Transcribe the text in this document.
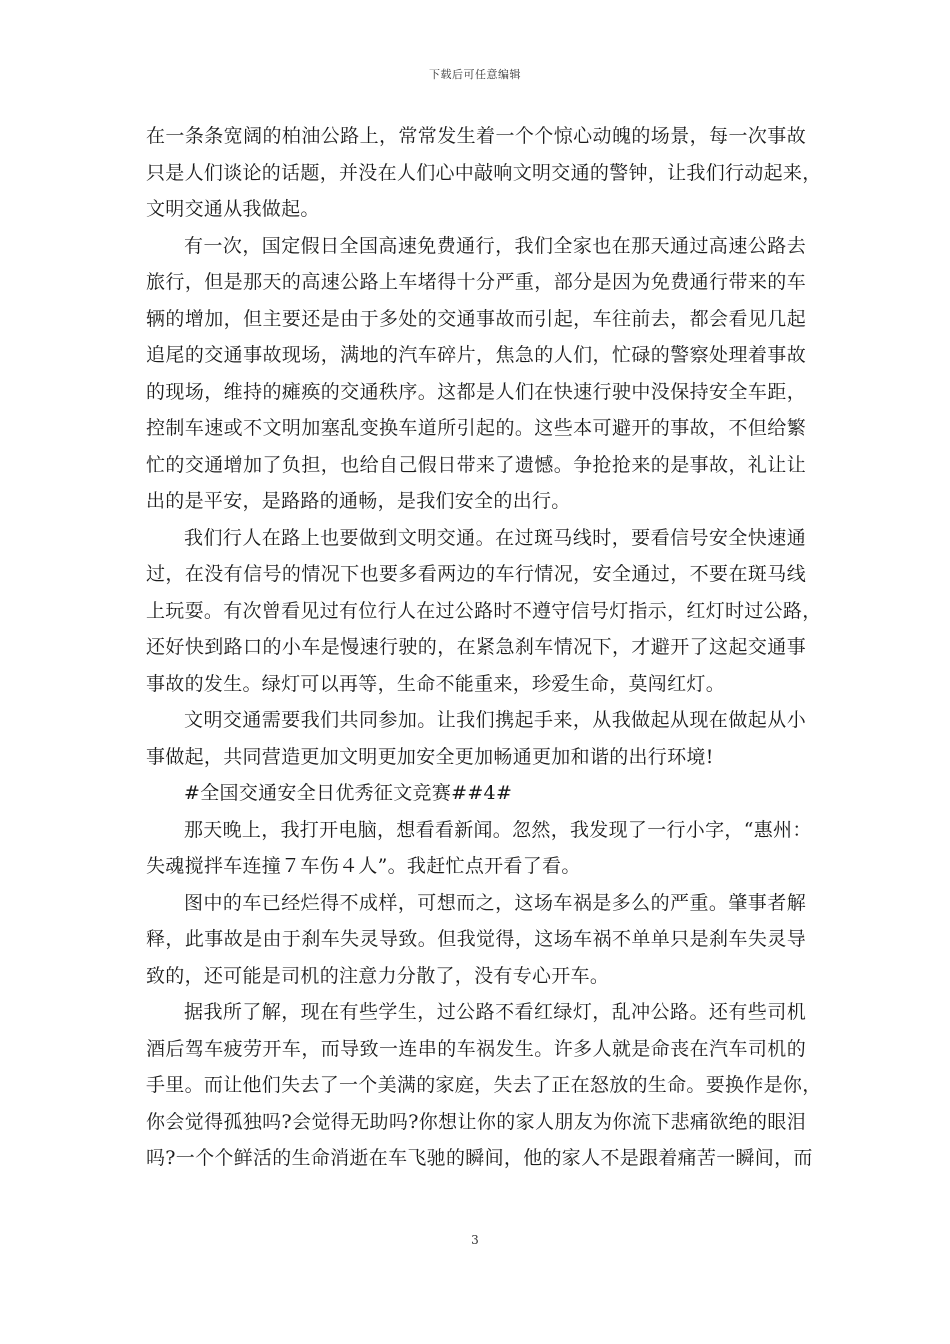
下载后可任意编辑
在一条条宽阔的柏油公路上，常常发生着一个个惊心动魄的场景，每一次事故
只是人们谈论的话题，并没在人们心中敲响文明交通的警钟，让我们行动起来，
文明交通从我做起。
有一次，国定假日全国高速免费通行，我们全家也在那天通过高速公路去
旅行，但是那天的高速公路上车堵得十分严重，部分是因为免费通行带来的车
辆的增加，但主要还是由于多处的交通事故而引起，车往前去，都会看见几起
追尾的交通事故现场，满地的汽车碎片，焦急的人们，忙碌的警察处理着事故
的现场，维持的瘫痪的交通秩序。这都是人们在快速行驶中没保持安全车距，
控制车速或不文明加塞乱变换车道所引起的。这些本可避开的事故，不但给繁
忙的交通增加了负担，也给自己假日带来了遗憾。争抢抢来的是事故，礼让让
出的是平安，是路路的通畅，是我们安全的出行。
我们行人在路上也要做到文明交通。在过斑马线时，要看信号安全快速通
过，在没有信号的情况下也要多看两边的车行情况，安全通过，不要在斑马线
上玩耍。有次曾看见过有位行人在过公路时不遵守信号灯指示，红灯时过公路，
还好快到路口的小车是慢速行驶的，在紧急刹车情况下，才避开了这起交通事
事故的发生。绿灯可以再等，生命不能重来，珍爱生命，莫闯红灯。
文明交通需要我们共同参加。让我们携起手来，从我做起从现在做起从小
事做起，共同营造更加文明更加安全更加畅通更加和谐的出行环境!
#全国交通安全日优秀征文竞赛##4#
那天晚上，我打开电脑，想看看新闻。忽然，我发现了一行小字，“惠州：
失魂搅拌车连撞７车伤４人”。我赶忙点开看了看。
图中的车已经烂得不成样，可想而之，这场车祸是多么的严重。肇事者解
释，此事故是由于刹车失灵导致。但我觉得，这场车祸不单单只是刹车失灵导
致的，还可能是司机的注意力分散了，没有专心开车。
据我所了解，现在有些学生，过公路不看红绿灯，乱冲公路。还有些司机
酒后驾车疲劳开车，而导致一连串的车祸发生。许多人就是命丧在汽车司机的
手里。而让他们失去了一个美满的家庭，失去了正在怒放的生命。要换作是你，
你会觉得孤独吗?会觉得无助吗?你想让你的家人朋友为你流下悲痛欲绝的眼泪
吗?一个个鲜活的生命消逝在车飞驰的瞬间，他的家人不是跟着痛苦一瞬间，而
3
